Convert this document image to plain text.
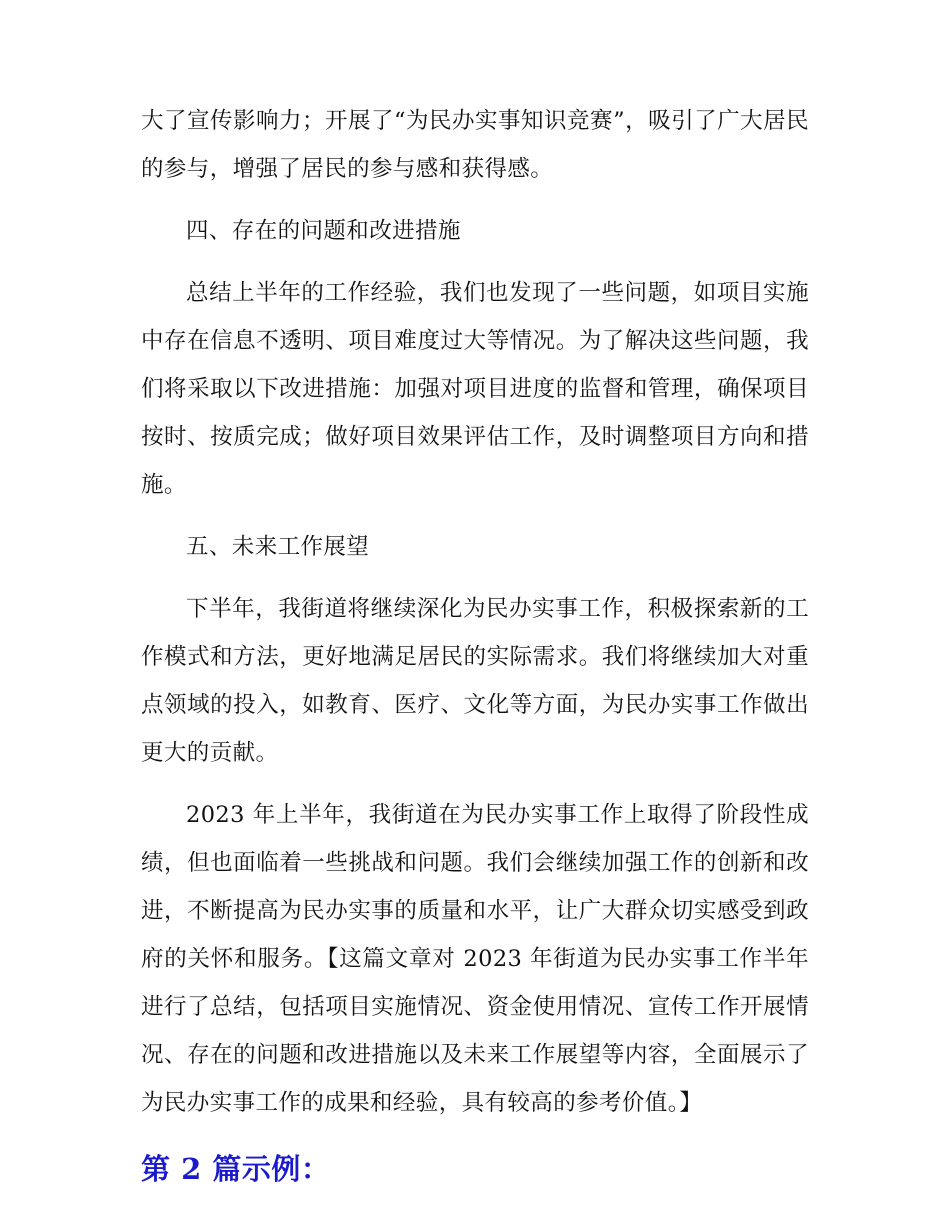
大了宣传影响力；开展了“为民办实事知识竞赛”，吸引了广大居民的参与，增强了居民的参与感和获得感。

四、存在的问题和改进措施

总结上半年的工作经验，我们也发现了一些问题，如项目实施中存在信息不透明、项目难度过大等情况。为了解决这些问题，我们将采取以下改进措施：加强对项目进度的监督和管理，确保项目按时、按质完成；做好项目效果评估工作，及时调整项目方向和措施。

五、未来工作展望

下半年，我街道将继续深化为民办实事工作，积极探索新的工作模式和方法，更好地满足居民的实际需求。我们将继续加大对重点领域的投入，如教育、医疗、文化等方面，为民办实事工作做出更大的贡献。

2023 年上半年，我街道在为民办实事工作上取得了阶段性成绩，但也面临着一些挑战和问题。我们会继续加强工作的创新和改进，不断提高为民办实事的质量和水平，让广大群众切实感受到政府的关怀和服务。【这篇文章对 2023 年街道为民办实事工作半年进行了总结，包括项目实施情况、资金使用情况、宣传工作开展情况、存在的问题和改进措施以及未来工作展望等内容，全面展示了为民办实事工作的成果和经验，具有较高的参考价值。】

第 2 篇示例：
